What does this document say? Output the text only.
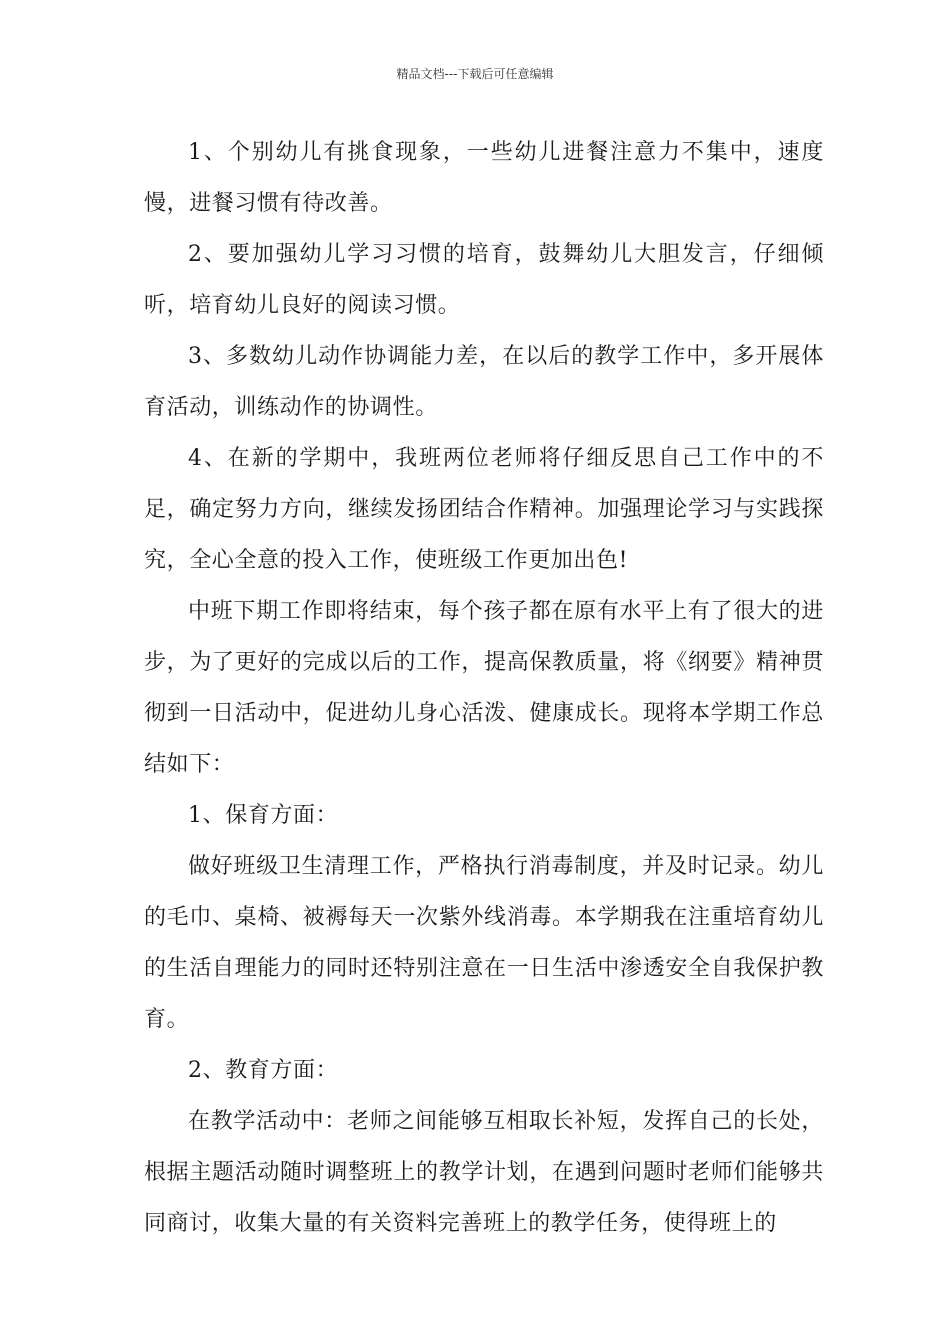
精品文档---下载后可任意编辑

1、个别幼儿有挑食现象，一些幼儿进餐注意力不集中，速度慢，进餐习惯有待改善。

2、要加强幼儿学习习惯的培育，鼓舞幼儿大胆发言，仔细倾听，培育幼儿良好的阅读习惯。

3、多数幼儿动作协调能力差，在以后的教学工作中，多开展体育活动，训练动作的协调性。

4、在新的学期中，我班两位老师将仔细反思自己工作中的不足，确定努力方向，继续发扬团结合作精神。加强理论学习与实践探究，全心全意的投入工作，使班级工作更加出色!

中班下期工作即将结束，每个孩子都在原有水平上有了很大的进步，为了更好的完成以后的工作，提高保教质量，将《纲要》精神贯彻到一日活动中，促进幼儿身心活泼、健康成长。现将本学期工作总结如下：

1、保育方面：

做好班级卫生清理工作，严格执行消毒制度，并及时记录。幼儿的毛巾、桌椅、被褥每天一次紫外线消毒。本学期我在注重培育幼儿的生活自理能力的同时还特别注意在一日生活中渗透安全自我保护教育。

2、教育方面：

在教学活动中：老师之间能够互相取长补短，发挥自己的长处，根据主题活动随时调整班上的教学计划，在遇到问题时老师们能够共同商讨，收集大量的有关资料完善班上的教学任务，使得班上的
